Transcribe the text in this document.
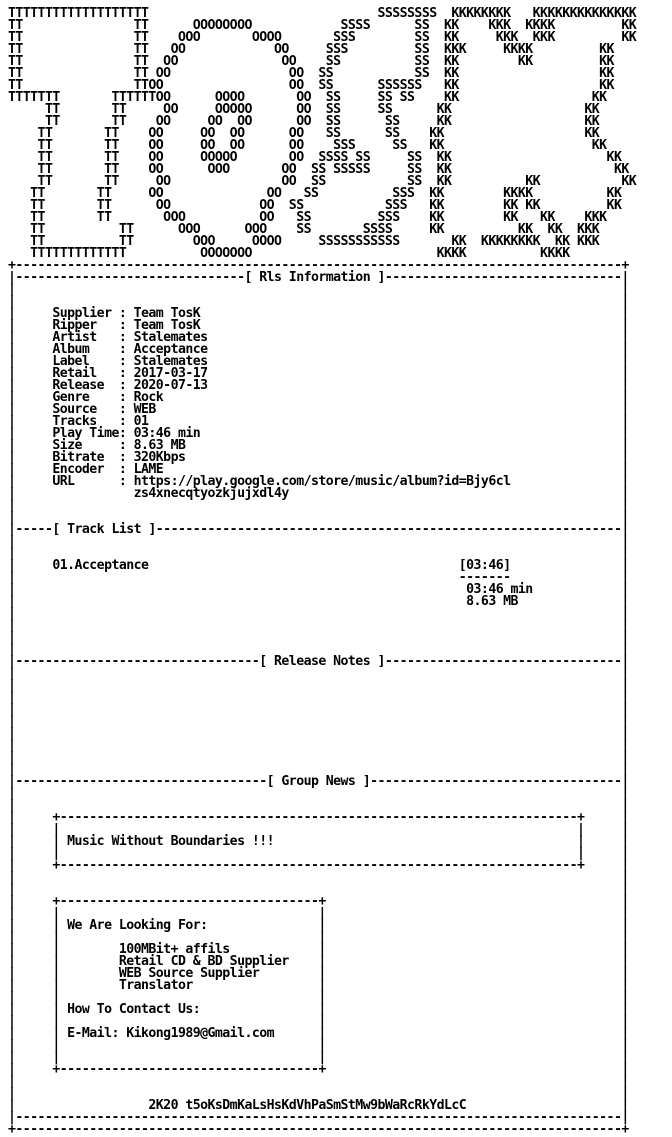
TTTTTTTTTTTTTTTTTTT                               SSSSSSSS  KKKKKKKK   KKKKKKKKKKKKKK
TT               TT      OOOOOOOO            SSSS      SS  KK    KKK  KKKK         KK
TT               TT    OOO       OOOO       SSS        SS  KK     KKK  KKK         KK
TT               TT   OO            OO     SSS         SS  KKK     KKKK         KK
TT               TT  OO              OO    SS          SS  KK        KK         KK
TT               TT OO                OO  SS           SS  KK                   KK
TT               TTOO                 OO  SS      SSSSSS   KK                   KK
TTTTTTT       TTTTTTOO      OOOO       OO  SS     SS SS    KK                  KK
TT       TT     OO     OOOOO      OO  SS     SS      KK                  KK
TT       TT    OO     OO  OO      OO  SS      SS     KK                  KK
TT       TT    OO     OO  OO      OO   SS      SS    KK                   KK
TT       TT    OO     OO  OO      OO    SSS     SS   KK                    KK
TT       TT    OO     OOOOO       OO  SSSS SS     SS  KK                     KK
TT       TT    OO      OOO       OO  SS SSSSS     SS  KK                      KK
TT       TT     OO               OO  SS           SS  KK          KK           KK
TT       TT     OO              OO   SS          SSS  KK        KKKK          KK
TT       TT      OO            OO  SS           SSS   KK        KK KK         KK
TT       TT       OOO          OO   SS         SSS    KK        KK   KK    KKK
TT          TT      OOO      OOO    SS       SSSS     KK          KK  KK  KKK
TT          TT        OOO     OOOO     SSSSSSSSSSS       KK  KKKKKKKK  KK KKK
TTTTTTTTTTTTT          OOOOOOO                         KKKK          KKKK
+----------------------------------------------------------------------------------+
|-------------------------------[ Rls Information ]--------------------------------|
|                                                                                  |
|                                                                                  |
|     Supplier : Team TosK                                                         |
|     Ripper   : Team TosK                                                         |
|     Artist   : Stalemates                                                        |
|     Album    : Acceptance                                                        |
|     Label    : Stalemates                                                        |
|     Retail   : 2017-03-17                                                        |
|     Release  : 2020-07-13                                                        |
|     Genre    : Rock                                                              |
|     Source   : WEB                                                               |
|     Tracks   : 01                                                                |
|     Play Time: 03:46 min                                                         |
|     Size     : 8.63 MB                                                           |
|     Bitrate  : 320Kbps                                                           |
|     Encoder  : LAME                                                              |
|     URL      : https://play.google.com/store/music/album?id=Bjy6cl               |
|                zs4xnecqtyozkjujxdl4y                                             |
|                                                                                  |
|                                                                                  |
|-----[ Track List ]---------------------------------------------------------------|
|                                                                                  |
|                                                                                  |
|     01.Acceptance                                          [03:46]               |
|                                                            -------               |
|                                                             03:46 min            |
|                                                             8.63 MB              |
|                                                                                  |
|                                                                                  |
|                                                                                  |
|                                                                                  |
|---------------------------------[ Release Notes ]--------------------------------|
|                                                                                  |
|                                                                                  |
|                                                                                  |
|                                                                                  |
|                                                                                  |
|                                                                                  |
|                                                                                  |
|                                                                                  |
|                                                                                  |
|----------------------------------[ Group News ]----------------------------------|
|                                                                                  |
|                                                                                  |
|     +----------------------------------------------------------------------+     |
|     |                                                                      |     |
|     | Music Without Boundaries !!!                                         |     |
|     |                                                                      |     |
|     +----------------------------------------------------------------------+     |
|                                                                                  |
|                                                                                  |
|     +-----------------------------------+                                        |
|     |                                   |                                        |
|     | We Are Looking For:               |                                        |
|     |                                   |                                        |
|     |        100MBit+ affils            |                                        |
|     |        Retail CD & BD Supplier    |                                        |
|     |        WEB Source Supplier        |                                        |
|     |        Translator                 |                                        |
|     |                                   |                                        |
|     | How To Contact Us:                |                                        |
|     |                                   |                                        |
|     | E-Mail: Kikong1989@Gmail.com      |                                        |
|     |                                   |                                        |
|     |                                   |                                        |
|     +-----------------------------------+                                        |
|                                                                                  |
|                                                                                  |
|                  2K20 t5oKsDmKaLsHsKdVhPaSmStMw9bWaRcRkYdLcC                     |
|----------------------------------------------------------------------------------|
+----------------------------------------------------------------------------------+
